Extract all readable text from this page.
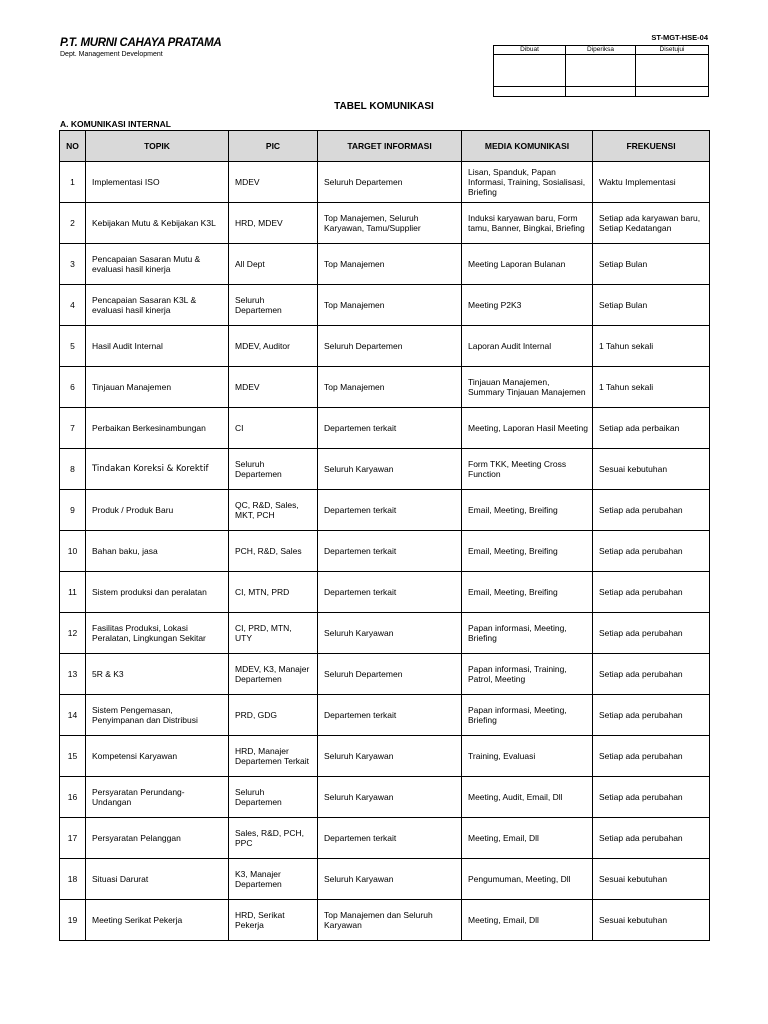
P.T. MURNI CAHAYA PRATAMA
Dept. Management Development
ST-MGT-HSE-04
Dibuat	Diperiksa	Disetujui

TABEL KOMUNIKASI
A. KOMUNIKASI INTERNAL
NO	TOPIK	PIC	TARGET INFORMASI	MEDIA KOMUNIKASI	FREKUENSI
1	Implementasi ISO	MDEV	Seluruh Departemen	Lisan, Spanduk, Papan Informasi, Training, Sosialisasi, Briefing	Waktu Implementasi
2	Kebijakan Mutu & Kebijakan K3L	HRD, MDEV	Top Manajemen, Seluruh Karyawan, Tamu/Supplier	Induksi karyawan baru, Form tamu, Banner, Bingkai, Briefing	Setiap ada karyawan baru, Setiap Kedatangan
3	Pencapaian Sasaran Mutu & evaluasi hasil kinerja	All Dept	Top Manajemen	Meeting Laporan Bulanan	Setiap Bulan
4	Pencapaian Sasaran K3L & evaluasi hasil kinerja	Seluruh Departemen	Top Manajemen	Meeting P2K3	Setiap Bulan
5	Hasil Audit Internal	MDEV, Auditor	Seluruh Departemen	Laporan Audit Internal	1 Tahun sekali
6	Tinjauan Manajemen	MDEV	Top Manajemen	Tinjauan Manajemen, Summary Tinjauan Manajemen	1 Tahun sekali
7	Perbaikan Berkesinambungan	CI	Departemen terkait	Meeting, Laporan Hasil Meeting	Setiap ada perbaikan
8	Tindakan Koreksi & Korektif	Seluruh Departemen	Seluruh Karyawan	Form TKK, Meeting Cross Function	Sesuai kebutuhan
9	Produk / Produk Baru	QC, R&D, Sales, MKT, PCH	Departemen terkait	Email, Meeting, Breifing	Setiap ada perubahan
10	Bahan baku, jasa	PCH, R&D, Sales	Departemen terkait	Email, Meeting, Breifing	Setiap ada perubahan
11	Sistem produksi dan peralatan	CI, MTN, PRD	Departemen terkait	Email, Meeting, Breifing	Setiap ada perubahan
12	Fasilitas Produksi, Lokasi Peralatan, Lingkungan Sekitar	CI, PRD, MTN, UTY	Seluruh Karyawan	Papan informasi, Meeting, Briefing	Setiap ada perubahan
13	5R & K3	MDEV, K3, Manajer Departemen	Seluruh Departemen	Papan informasi, Training, Patrol, Meeting	Setiap ada perubahan
14	Sistem Pengemasan, Penyimpanan dan Distribusi	PRD, GDG	Departemen terkait	Papan informasi, Meeting, Briefing	Setiap ada perubahan
15	Kompetensi Karyawan	HRD, Manajer Departemen Terkait	Seluruh Karyawan	Training, Evaluasi	Setiap ada perubahan
16	Persyaratan Perundang-Undangan	Seluruh Departemen	Seluruh Karyawan	Meeting, Audit, Email, Dll	Setiap ada perubahan
17	Persyaratan Pelanggan	Sales, R&D, PCH, PPC	Departemen terkait	Meeting, Email, Dll	Setiap ada perubahan
18	Situasi Darurat	K3, Manajer Departemen	Seluruh Karyawan	Pengumuman, Meeting, Dll	Sesuai kebutuhan
19	Meeting Serikat Pekerja	HRD, Serikat Pekerja	Top Manajemen dan Seluruh Karyawan	Meeting, Email, Dll	Sesuai kebutuhan
